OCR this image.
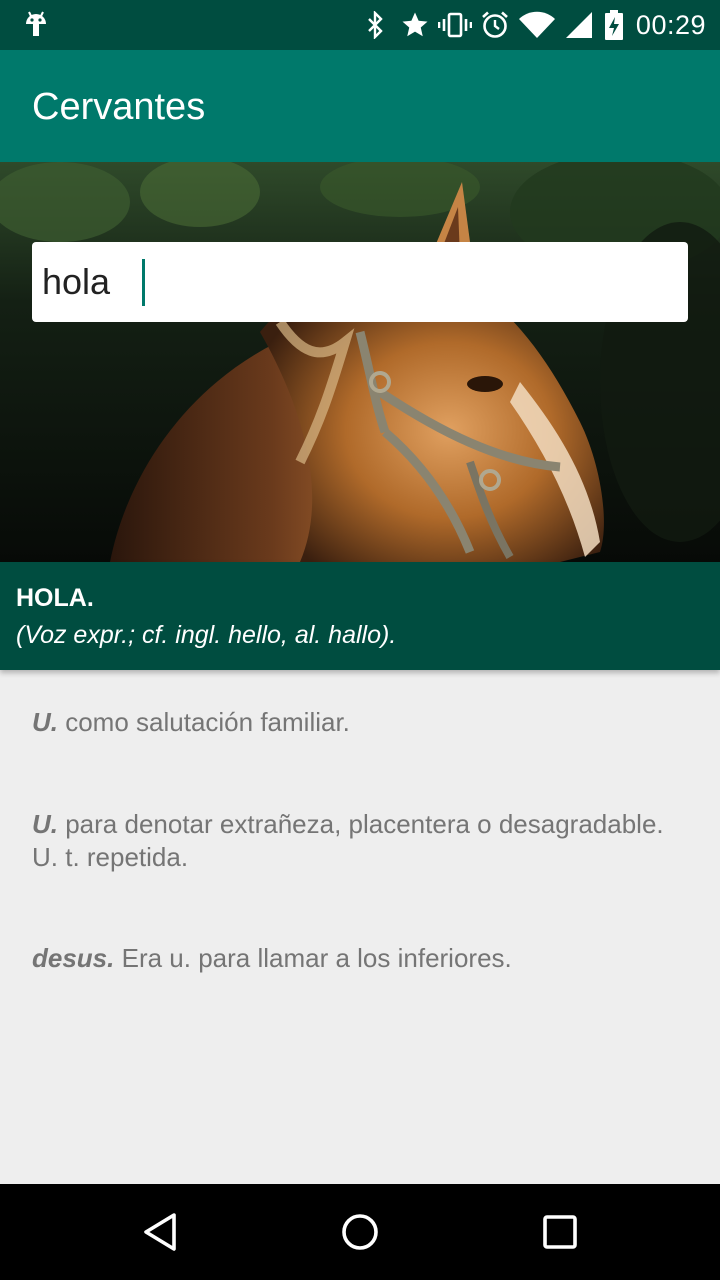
00:29
Cervantes
hola
HOLA.
(Voz expr.; cf. ingl. hello, al. hallo).
U. como salutación familiar.
U. para denotar extrañeza, placentera o desagradable. U. t. repetida.
desus. Era u. para llamar a los inferiores.
